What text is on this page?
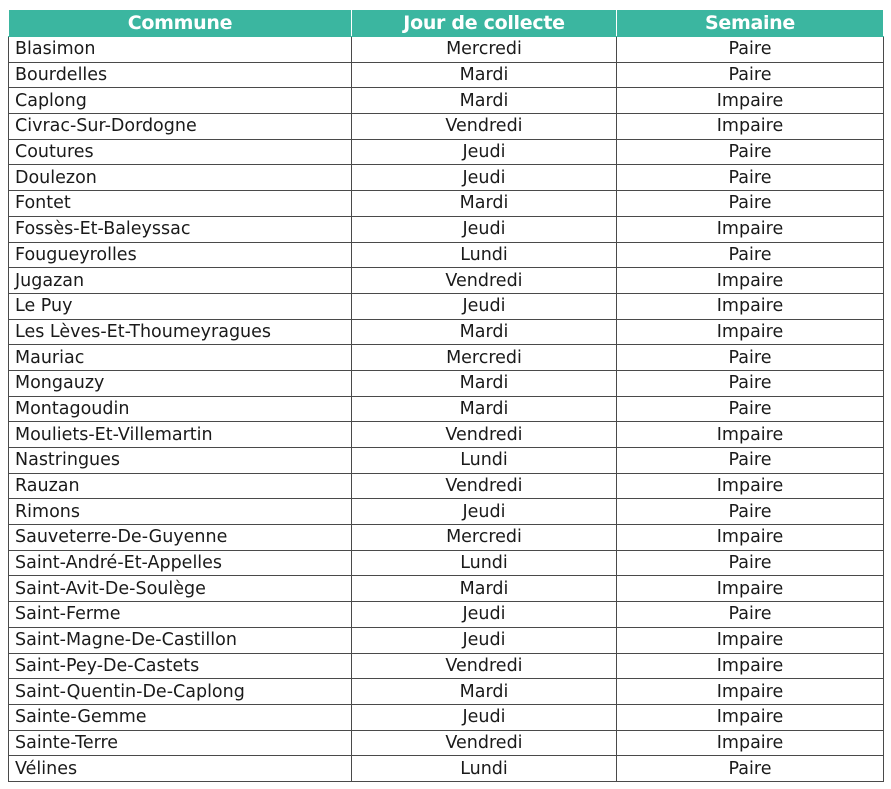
Commune	Jour de collecte	Semaine
Blasimon	Mercredi	Paire
Bourdelles	Mardi	Paire
Caplong	Mardi	Impaire
Civrac-Sur-Dordogne	Vendredi	Impaire
Coutures	Jeudi	Paire
Doulezon	Jeudi	Paire
Fontet	Mardi	Paire
Fossès-Et-Baleyssac	Jeudi	Impaire
Fougueyrolles	Lundi	Paire
Jugazan	Vendredi	Impaire
Le Puy	Jeudi	Impaire
Les Lèves-Et-Thoumeyragues	Mardi	Impaire
Mauriac	Mercredi	Paire
Mongauzy	Mardi	Paire
Montagoudin	Mardi	Paire
Mouliets-Et-Villemartin	Vendredi	Impaire
Nastringues	Lundi	Paire
Rauzan	Vendredi	Impaire
Rimons	Jeudi	Paire
Sauveterre-De-Guyenne	Mercredi	Impaire
Saint-André-Et-Appelles	Lundi	Paire
Saint-Avit-De-Soulège	Mardi	Impaire
Saint-Ferme	Jeudi	Paire
Saint-Magne-De-Castillon	Jeudi	Impaire
Saint-Pey-De-Castets	Vendredi	Impaire
Saint-Quentin-De-Caplong	Mardi	Impaire
Sainte-Gemme	Jeudi	Impaire
Sainte-Terre	Vendredi	Impaire
Vélines	Lundi	Paire
